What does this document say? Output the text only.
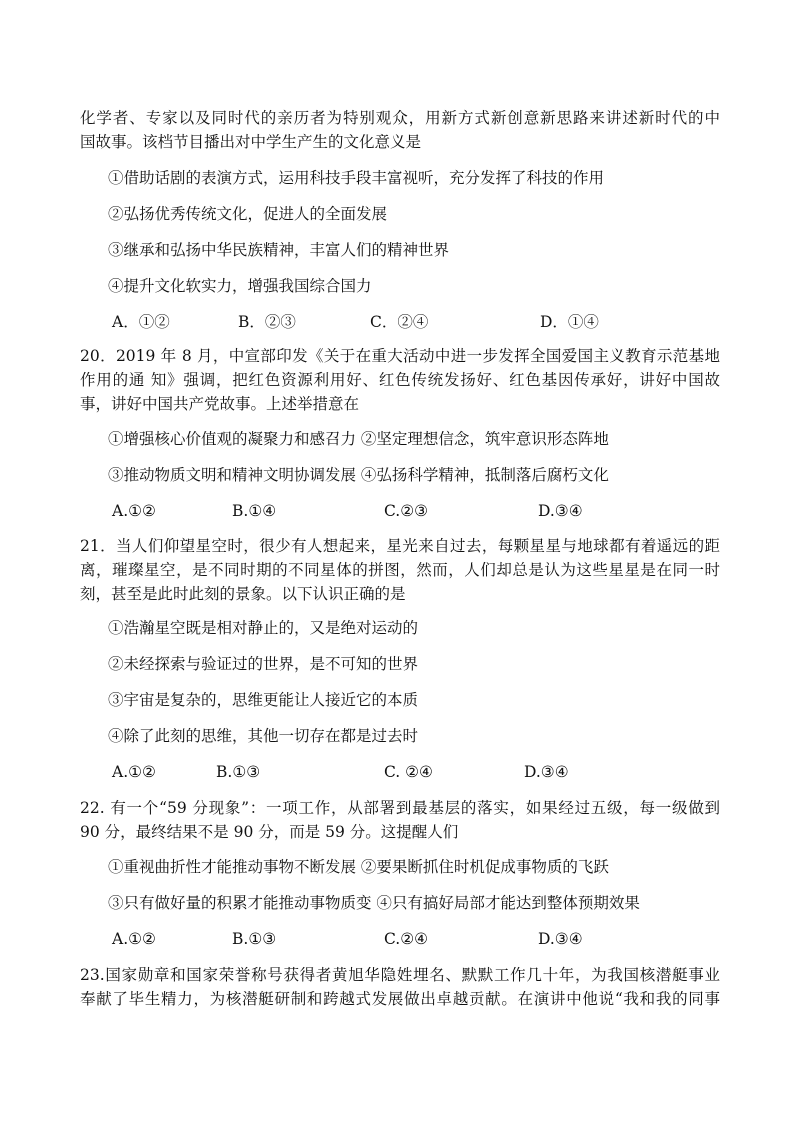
化学者、专家以及同时代的亲历者为特别观众，用新方式新创意新思路来讲述新时代的中
国故事。该档节目播出对中学生产生的文化意义是
①借助话剧的表演方式，运用科技手段丰富视听，充分发挥了科技的作用
②弘扬优秀传统文化，促进人的全面发展
③继承和弘扬中华民族精神，丰富人们的精神世界
④提升文化软实力，增强我国综合国力
A．①②	B．②③	C．②④	D．①④
20．2019 年 8 月，中宣部印发《关于在重大活动中进一步发挥全国爱国主义教育示范基地
作用的通 知》强调，把红色资源利用好、红色传统发扬好、红色基因传承好，讲好中国故
事，讲好中国共产党故事。上述举措意在
①增强核心价值观的凝聚力和感召力 ②坚定理想信念，筑牢意识形态阵地
③推动物质文明和精神文明协调发展 ④弘扬科学精神，抵制落后腐朽文化
A.①②	B.①④	C.②③	D.③④
21．当人们仰望星空时，很少有人想起来，星光来自过去，每颗星星与地球都有着遥远的距
离，璀璨星空，是不同时期的不同星体的拼图，然而，人们却总是认为这些星星是在同一时
刻，甚至是此时此刻的景象。以下认识正确的是
①浩瀚星空既是相对静止的，又是绝对运动的
②未经探索与验证过的世界，是不可知的世界
③宇宙是复杂的，思维更能让人接近它的本质
④除了此刻的思维，其他一切存在都是过去时
A.①②	B.①③	C. ②④	D.③④
22. 有一个“59 分现象”：一项工作，从部署到最基层的落实，如果经过五级，每一级做到
90 分，最终结果不是 90 分，而是 59 分。这提醒人们
①重视曲折性才能推动事物不断发展 ②要果断抓住时机促成事物质的飞跃
③只有做好量的积累才能推动事物质变 ④只有搞好局部才能达到整体预期效果
A.①②	B.①③	C.②④	D.③④
23.国家勋章和国家荣誉称号获得者黄旭华隐姓埋名、默默工作几十年，为我国核潜艇事业
奉献了毕生精力，为核潜艇研制和跨越式发展做出卓越贡献。在演讲中他说“我和我的同事
